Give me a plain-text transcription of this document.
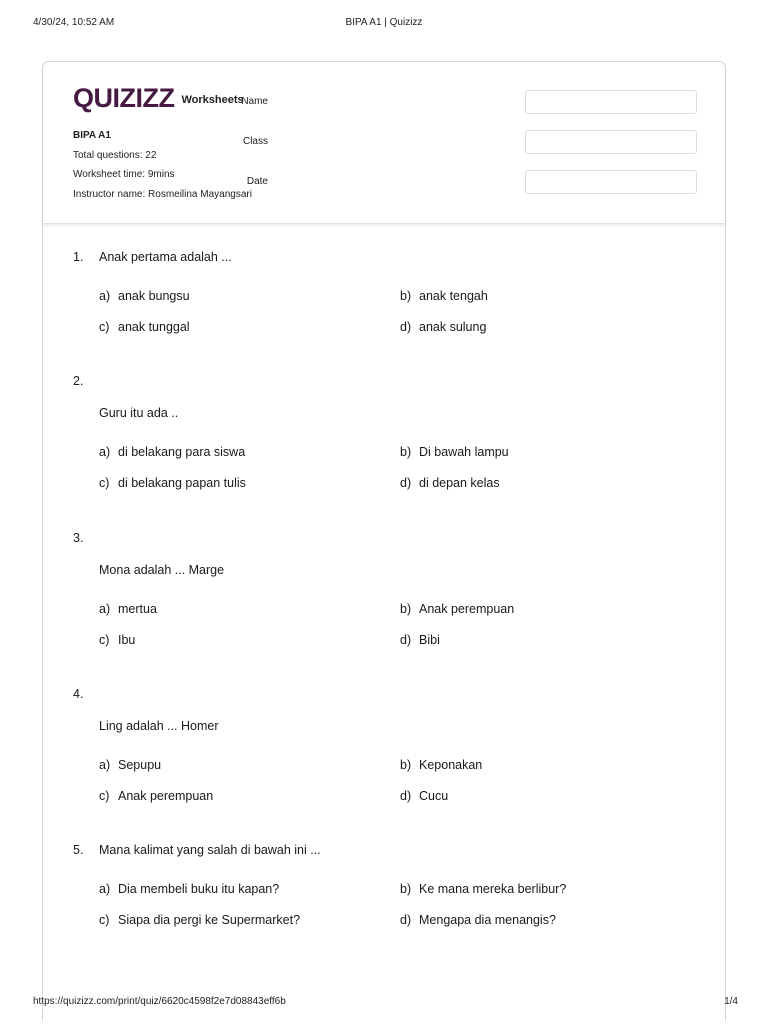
4/30/24, 10:52 AM	BIPA A1 | Quizizz
QUIZIZZ Worksheets
BIPA A1
Total questions: 22
Worksheet time: 9mins
Instructor name: Rosmeilina Mayangsari
Name
Class
Date
1. Anak pertama adalah ...
a) anak bungsu	b) anak tengah
c) anak tunggal	d) anak sulung
2.
Guru itu ada ..
a) di belakang para siswa	b) Di bawah lampu
c) di belakang papan tulis	d) di depan kelas
3.
Mona adalah ... Marge
a) mertua	b) Anak perempuan
c) Ibu	d) Bibi
4.
Ling adalah ... Homer
a) Sepupu	b) Keponakan
c) Anak perempuan	d) Cucu
5. Mana kalimat yang salah di bawah ini ...
a) Dia membeli buku itu kapan?	b) Ke mana mereka berlibur?
c) Siapa dia pergi ke Supermarket?	d) Mengapa dia menangis?
https://quizizz.com/print/quiz/6620c4598f2e7d08843eff6b	1/4
